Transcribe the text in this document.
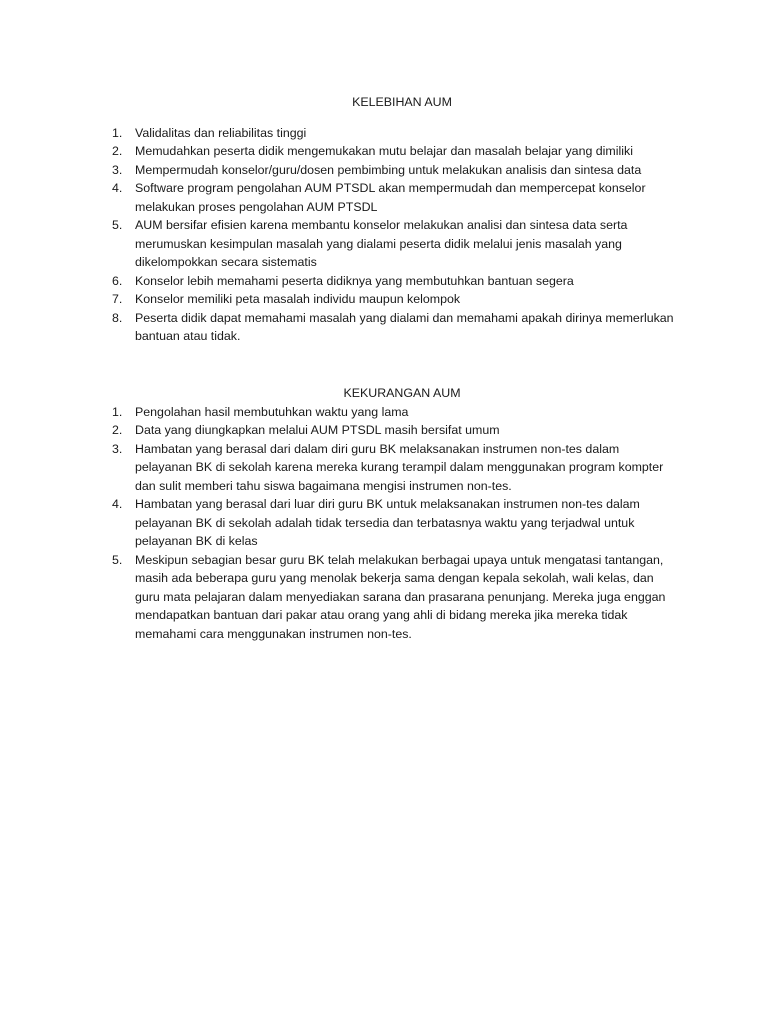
KELEBIHAN AUM
1.	Validalitas dan reliabilitas tinggi
2.	Memudahkan peserta didik mengemukakan mutu belajar dan masalah belajar yang dimiliki
3.	Mempermudah konselor/guru/dosen pembimbing untuk melakukan analisis dan sintesa data
4.	Software program pengolahan AUM PTSDL akan mempermudah dan mempercepat konselor melakukan proses pengolahan AUM PTSDL
5.	AUM bersifar efisien karena membantu konselor melakukan analisi dan sintesa data serta merumuskan kesimpulan masalah yang dialami peserta didik melalui jenis masalah yang dikelompokkan secara sistematis
6.	Konselor lebih memahami peserta didiknya yang membutuhkan bantuan segera
7.	Konselor memiliki peta masalah individu maupun kelompok
8.	Peserta didik dapat memahami masalah yang dialami dan memahami apakah dirinya memerlukan bantuan atau tidak.
KEKURANGAN AUM
1.	Pengolahan hasil membutuhkan waktu yang lama
2.	Data yang diungkapkan melalui AUM PTSDL masih bersifat umum
3.	Hambatan yang berasal dari dalam diri guru BK melaksanakan instrumen non-tes dalam pelayanan BK di sekolah karena mereka kurang terampil dalam menggunakan program kompter dan sulit memberi tahu siswa bagaimana mengisi instrumen non-tes.
4.	Hambatan yang berasal dari luar diri guru BK untuk melaksanakan instrumen non-tes dalam pelayanan BK di sekolah adalah tidak tersedia dan terbatasnya waktu yang terjadwal untuk pelayanan BK di kelas
5.	Meskipun sebagian besar guru BK telah melakukan berbagai upaya untuk mengatasi tantangan, masih ada beberapa guru yang menolak bekerja sama dengan kepala sekolah, wali kelas, dan guru mata pelajaran dalam menyediakan sarana dan prasarana penunjang. Mereka juga enggan mendapatkan bantuan dari pakar atau orang yang ahli di bidang mereka jika mereka tidak memahami cara menggunakan instrumen non-tes.
